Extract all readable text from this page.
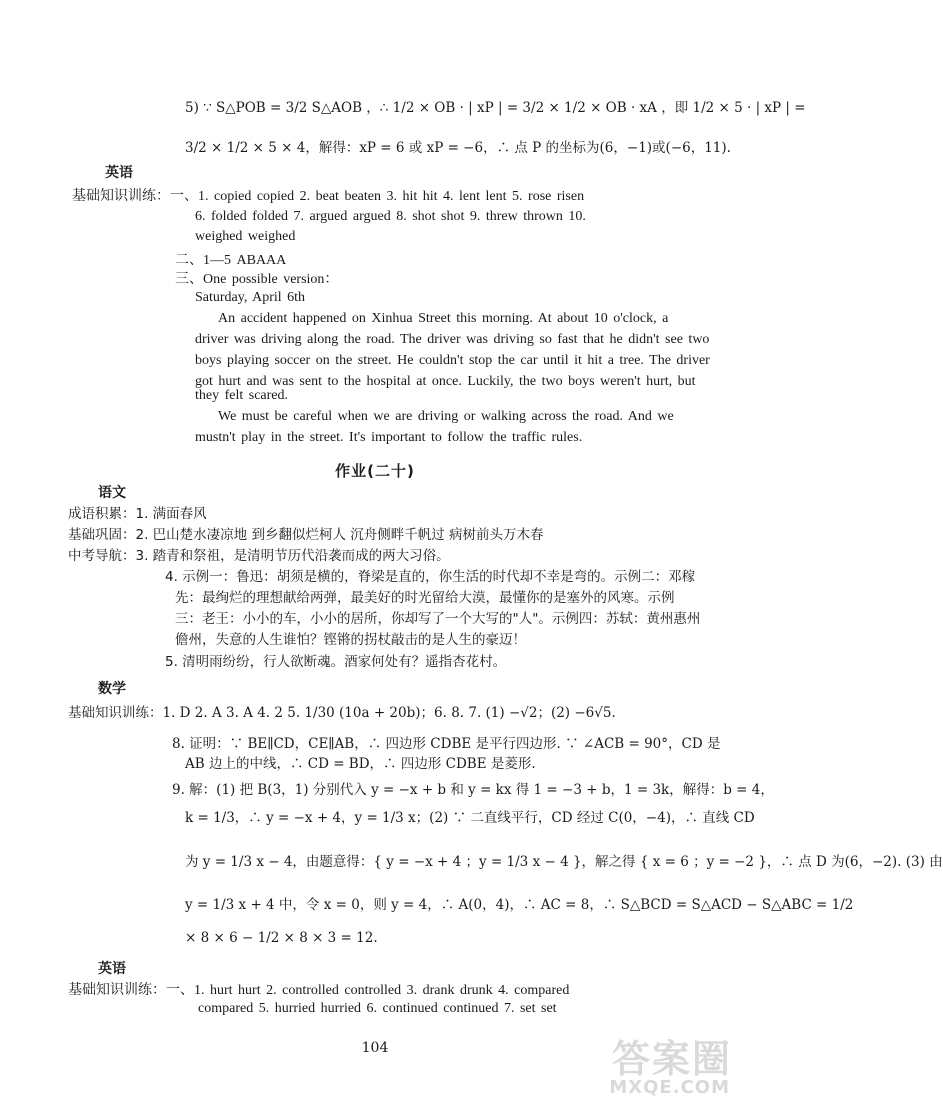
5) ∵ S△POB = 3/2 S△AOB ，∴ 1/2 × OB · | xP | = 3/2 × 1/2 × OB · xA ，即 1/2 × 5 · | xP | =
3/2 × 1/2 × 5 × 4，解得：xP = 6 或 xP = −6，∴ 点 P 的坐标为(6，−1)或(−6，11).
英语
基础知识训练：一、1. copied copied 2. beat beaten 3. hit hit 4. lent lent 5. rose risen
6. folded folded 7. argued argued 8. shot shot 9. threw thrown 10.
weighed weighed
二、1—5 ABAAA
三、One possible version：
Saturday, April 6th
An accident happened on Xinhua Street this morning. At about 10 o'clock, a
driver was driving along the road. The driver was driving so fast that he didn't see two
boys playing soccer on the street. He couldn't stop the car until it hit a tree. The driver
got hurt and was sent to the hospital at once. Luckily, the two boys weren't hurt, but
they felt scared.
We must be careful when we are driving or walking across the road. And we
mustn't play in the street. It's important to follow the traffic rules.
作业(二十)
语文
成语积累：1. 满面春风
基础巩固：2. 巴山楚水凄凉地 到乡翻似烂柯人 沉舟侧畔千帆过 病树前头万木春
中考导航：3. 踏青和祭祖，是清明节历代沿袭而成的两大习俗。
4. 示例一：鲁迅：胡须是横的，脊梁是直的，你生活的时代却不幸是弯的。示例二：邓稼
先：最绚烂的理想献给两弹，最美好的时光留给大漠，最懂你的是塞外的风寒。示例
三：老王：小小的车，小小的居所，你却写了一个大写的"人"。示例四：苏轼：黄州惠州
儋州，失意的人生谁怕？铿锵的拐杖敲击的是人生的豪迈！
5. 清明雨纷纷，行人欲断魂。酒家何处有？遥指杏花村。
数学
基础知识训练：1. D 2. A 3. A 4. 2 5. 1/30 (10a + 20b)；6. 8. 7. (1) −√2；(2) −6√5.
8. 证明：∵ BE∥CD，CE∥AB，∴ 四边形 CDBE 是平行四边形. ∵ ∠ACB = 90°，CD 是
AB 边上的中线，∴ CD = BD，∴ 四边形 CDBE 是菱形.
9. 解：(1) 把 B(3，1) 分别代入 y = −x + b 和 y = kx 得 1 = −3 + b，1 = 3k，解得：b = 4，
k = 1/3，∴ y = −x + 4，y = 1/3 x；(2) ∵ 二直线平行，CD 经过 C(0，−4)，∴ 直线 CD
为 y = 1/3 x − 4，由题意得：{ y = −x + 4 ；y = 1/3 x − 4 }，解之得 { x = 6 ；y = −2 }，∴ 点 D 为(6，−2). (3) 由
y = 1/3 x + 4 中，令 x = 0，则 y = 4，∴ A(0，4)，∴ AC = 8，∴ S△BCD = S△ACD − S△ABC = 1/2
× 8 × 6 − 1/2 × 8 × 3 = 12.
英语
基础知识训练：一、1. hurt hurt 2. controlled controlled 3. drank drunk 4. compared
compared 5. hurried hurried 6. continued continued 7. set set
104	答案圈
MXQE.COM
